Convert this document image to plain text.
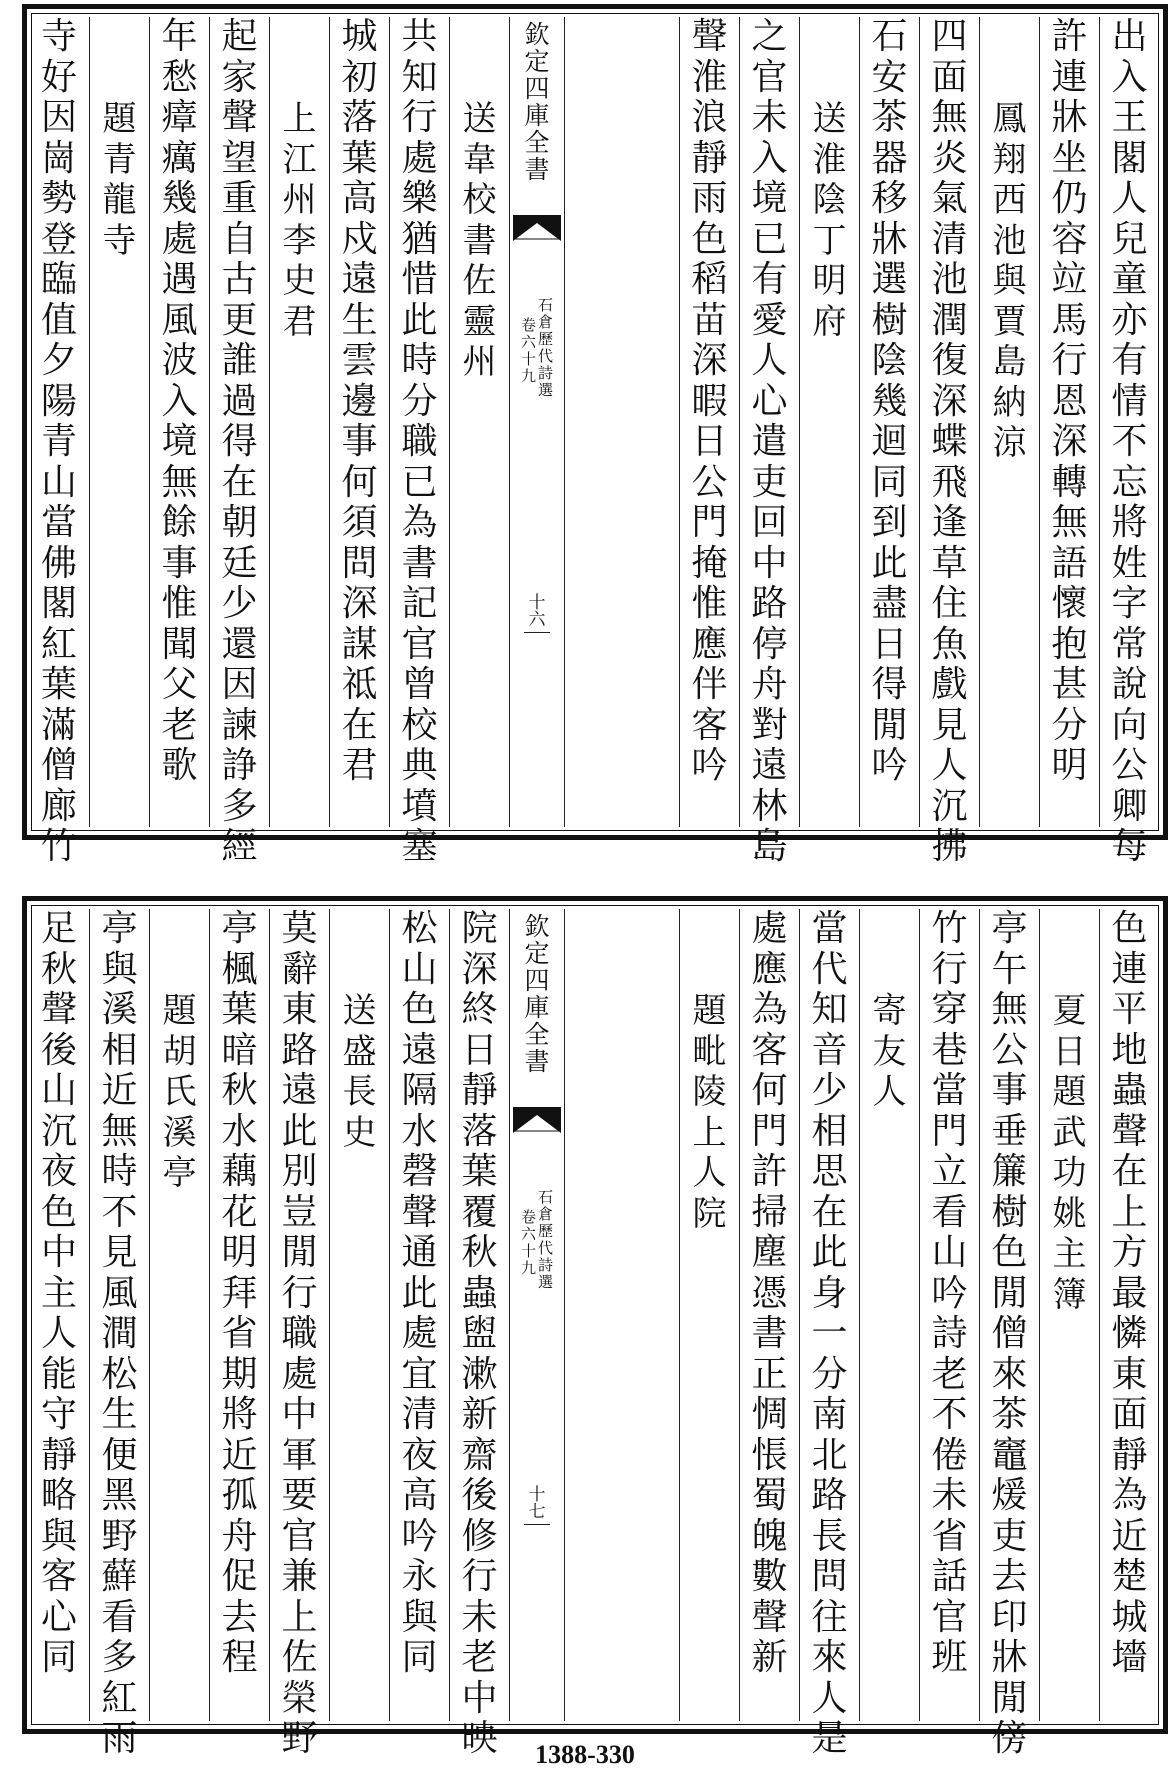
出
入
王
閣
人
兒
童
亦
有
情
不
忘
將
姓
字
常
說
向
公
卿
每
許
連
牀
坐
仍
容
竝
馬
行
恩
深
轉
無
語
懷
抱
甚
分
明
鳳
翔
西
池
與
賈
島
納
涼
四
面
無
炎
氣
清
池
潤
復
深
蝶
飛
逢
草
住
魚
戲
見
人
沉
拂
石
安
茶
器
移
牀
選
樹
陰
幾
迴
同
到
此
盡
日
得
閒
吟
送
淮
陰
丁
明
府
之
官
未
入
境
已
有
愛
人
心
遣
吏
回
中
路
停
舟
對
遠
林
島
聲
淮
浪
靜
雨
色
稻
苗
深
暇
日
公
門
掩
惟
應
伴
客
吟
送
韋
校
書
佐
靈
州
共
知
行
處
樂
猶
惜
此
時
分
職
已
為
書
記
官
曾
校
典
墳
塞
城
初
落
葉
高
戍
遠
生
雲
邊
事
何
須
問
深
謀
祗
在
君
上
江
州
李
史
君
起
家
聲
望
重
自
古
更
誰
過
得
在
朝
廷
少
還
因
諫
諍
多
經
年
愁
瘴
癘
幾
處
遇
風
波
入
境
無
餘
事
惟
聞
父
老
歌
題
青
龍
寺
寺
好
因
崗
勢
登
臨
值
夕
陽
青
山
當
佛
閣
紅
葉
滿
僧
廊
竹
欽
定
四
庫
全
書
卷
六
十
九
石
倉
歷
代
詩
選
十
六
色
連
平
地
蟲
聲
在
上
方
最
憐
東
面
靜
為
近
楚
城
墻
夏
日
題
武
功
姚
主
簿
亭
午
無
公
事
垂
簾
樹
色
閒
僧
來
茶
竈
煖
吏
去
印
牀
閒
傍
竹
行
穿
巷
當
門
立
看
山
吟
詩
老
不
倦
未
省
話
官
班
寄
友
人
當
代
知
音
少
相
思
在
此
身
一
分
南
北
路
長
問
往
來
人
是
處
應
為
客
何
門
許
掃
塵
憑
書
正
惆
悵
蜀
魄
數
聲
新
題
毗
陵
上
人
院
院
深
終
日
靜
落
葉
覆
秋
蟲
盥
漱
新
齋
後
修
行
未
老
中
映
松
山
色
遠
隔
水
磬
聲
通
此
處
宜
清
夜
高
吟
永
與
同
送
盛
長
史
莫
辭
東
路
遠
此
別
豈
閒
行
職
處
中
軍
要
官
兼
上
佐
榮
野
亭
楓
葉
暗
秋
水
藕
花
明
拜
省
期
將
近
孤
舟
促
去
程
題
胡
氏
溪
亭
亭
與
溪
相
近
無
時
不
見
風
澗
松
生
便
黑
野
蘚
看
多
紅
雨
足
秋
聲
後
山
沉
夜
色
中
主
人
能
守
靜
略
與
客
心
同
欽
定
四
庫
全
書
卷
六
十
九
石
倉
歷
代
詩
選
十
七
1388-330
